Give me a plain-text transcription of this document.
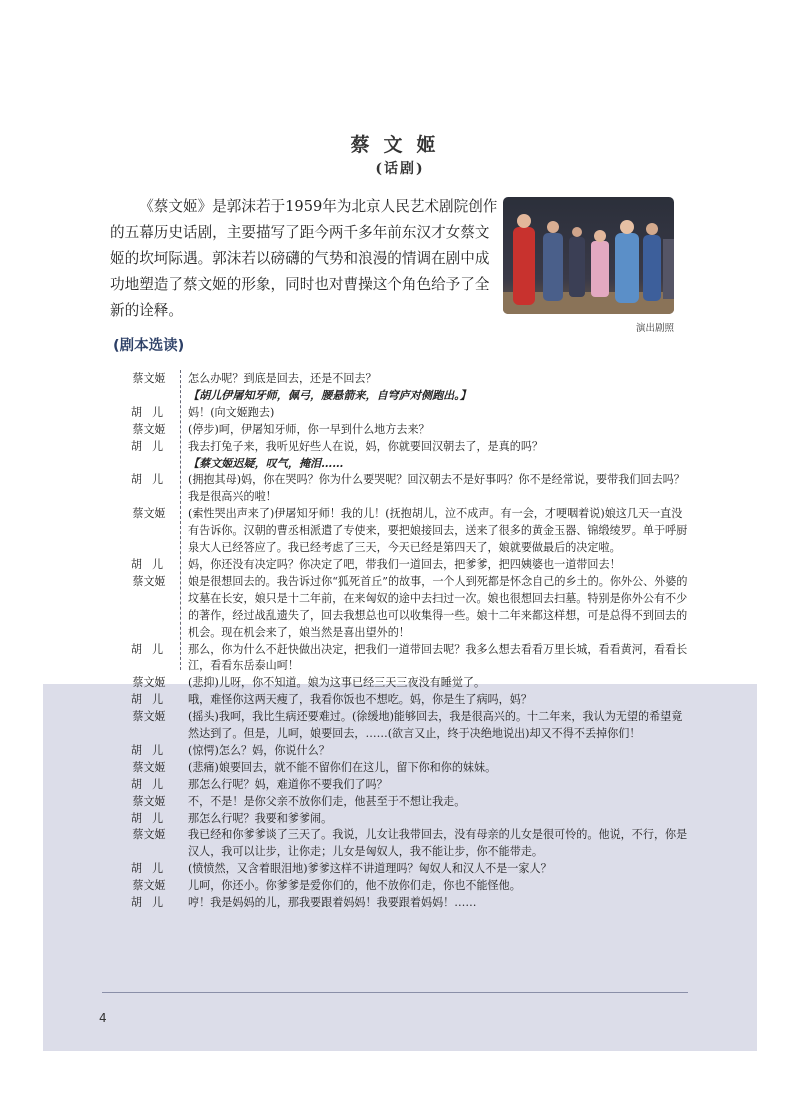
蔡文姬
(话剧)

《蔡文姬》是郭沫若于1959年为北京人民艺术剧院创作的五幕历史话剧，主要描写了距今两千多年前东汉才女蔡文姬的坎坷际遇。郭沫若以磅礴的气势和浪漫的情调在剧中成功地塑造了蔡文姬的形象，同时也对曹操这个角色给予了全新的诠释。

演出剧照
(剧本选读)
蔡文姬	怎么办呢？到底是回去，还是不回去？
【胡儿伊屠知牙师，佩弓，腰悬箭来，自穹庐对侧跑出。】
胡儿	妈！(向文姬跑去)
蔡文姬	(停步)呵，伊屠知牙师，你一早到什么地方去来？
胡儿	我去打兔子来，我听见好些人在说，妈，你就要回汉朝去了，是真的吗？
【蔡文姬迟疑，叹气，掩泪……
胡儿	(拥抱其母)妈，你在哭吗？你为什么要哭呢？回汉朝去不是好事吗？你不是经常说，要带我们回去吗？我是很高兴的啦！
蔡文姬	(索性哭出声来了)伊屠知牙师！我的儿！(抚抱胡儿，泣不成声。有一会，才哽咽着说)娘这几天一直没有告诉你。汉朝的曹丞相派遣了专使来，要把娘接回去，送来了很多的黄金玉器、锦缎绫罗。单于呼厨泉大人已经答应了。我已经考虑了三天，今天已经是第四天了，娘就要做最后的决定啦。
胡儿	妈，你还没有决定吗？你决定了吧，带我们一道回去，把爹爹，把四姨婆也一道带回去！
蔡文姬	娘是很想回去的。我告诉过你“狐死首丘”的故事，一个人到死都是怀念自己的乡土的。你外公、外婆的坟墓在长安，娘只是十二年前，在来匈奴的途中去扫过一次。娘也很想回去扫墓。特别是你外公有不少的著作，经过战乱遗失了，回去我想总也可以收集得一些。娘十二年来都这样想，可是总得不到回去的机会。现在机会来了，娘当然是喜出望外的！
胡儿	那么，你为什么不赶快做出决定，把我们一道带回去呢？我多么想去看看万里长城，看看黄河，看看长江，看看东岳泰山呵！
蔡文姬	(悲抑)儿呀，你不知道。娘为这事已经三天三夜没有睡觉了。
胡儿	哦，难怪你这两天瘦了，我看你饭也不想吃。妈，你是生了病吗，妈？
蔡文姬	(摇头)我呵，我比生病还要难过。(徐缓地)能够回去，我是很高兴的。十二年来，我认为无望的希望竟然达到了。但是，儿呵，娘要回去，……(欲言又止，终于决绝地说出)却又不得不丢掉你们！
胡儿	(惊愕)怎么？妈，你说什么？
蔡文姬	(悲痛)娘要回去，就不能不留你们在这儿，留下你和你的妹妹。
胡儿	那怎么行呢？妈，难道你不要我们了吗？
蔡文姬	不，不是！是你父亲不放你们走，他甚至于不想让我走。
胡儿	那怎么行呢？我要和爹爹闹。
蔡文姬	我已经和你爹爹谈了三天了。我说，儿女让我带回去，没有母亲的儿女是很可怜的。他说，不行，你是汉人，我可以让步，让你走；儿女是匈奴人，我不能让步，你不能带走。
胡儿	(愤愤然，又含着眼泪地)爹爹这样不讲道理吗？匈奴人和汉人不是一家人？
蔡文姬	儿呵，你还小。你爹爹是爱你们的，他不放你们走，你也不能怪他。
胡儿	哼！我是妈妈的儿，那我要跟着妈妈！我要跟着妈妈！……
4
